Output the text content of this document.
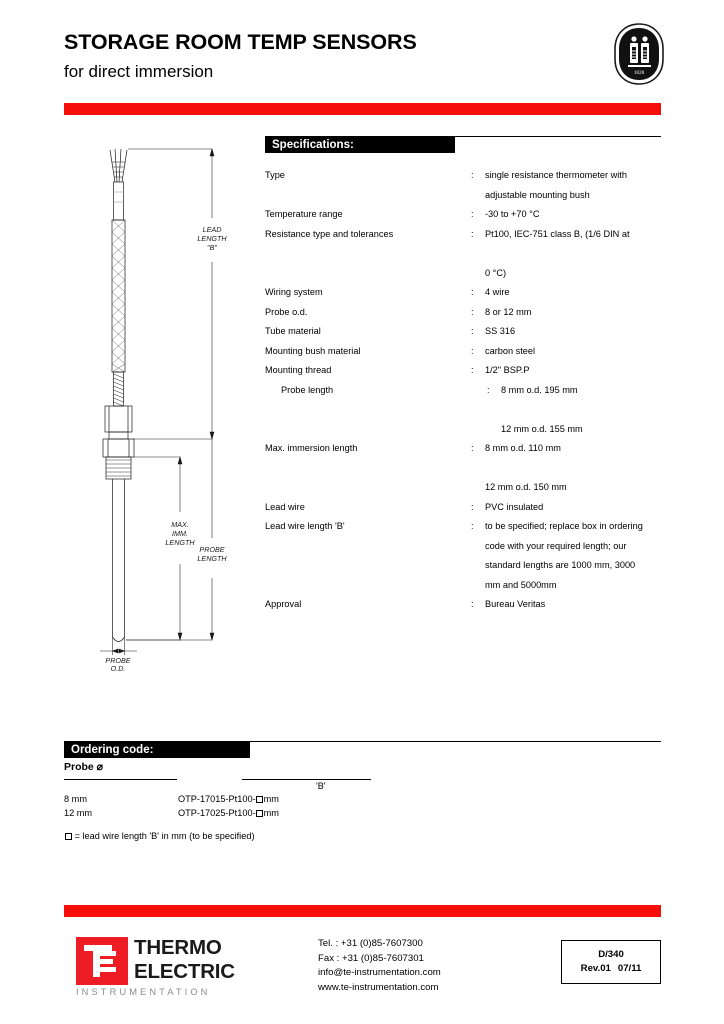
STORAGE ROOM TEMP SENSORS
for direct immersion	1828
Specifications:
Type	:	single resistance thermometer with
adjustable mounting bush
Temperature range	:	-30 to +70 °C
Resistance type and tolerances	:	Pt100, IEC-751 class B, (1/6 DIN at

0 °C)
Wiring system	:	4 wire
Probe o.d.	:	8 or 12 mm
Tube material	:	SS 316
Mounting bush material	:	carbon steel
Mounting thread	:	1/2" BSP.P
Probe length	:	8 mm o.d. 195 mm

12 mm o.d. 155 mm
Max. immersion length	:	8 mm o.d. 110 mm

12 mm o.d. 150 mm
Lead wire	:	PVC insulated
Lead wire length 'B'	:	to be specified; replace box in ordering
code with your required length; our
standard lengths are 1000 mm, 3000
mm and 5000mm
Approval	:	Bureau Veritas
LEAD
LENGTH
"B"
PROBE
LENGTH
MAX.
IMM.
LENGTH
PROBE
O.D.
Ordering code:
Probe ⌀
'B'
8 mm	OTP-17015-Pt100- mm
12 mm	OTP-17025-Pt100- mm
= lead wire length 'B' in mm (to be specified)
THERMO
ELECTRIC
INSTRUMENTATION
Tel. : +31 (0)85-7607300
Fax : +31 (0)85-7607301
info@te-instrumentation.com
www.te-instrumentation.com
D/340
Rev.01 07/11
